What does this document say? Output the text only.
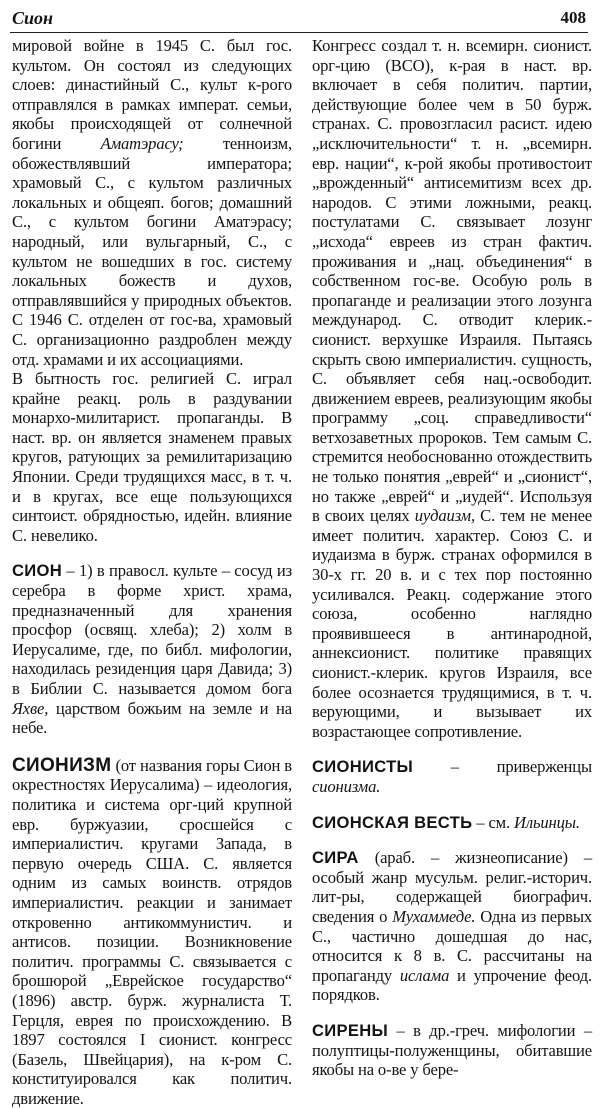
Сион	408

мировой войне в 1945 С. был гос. культом. Он состоял из следующих слоев: династийный С., культ к-рого отправлялся в рамках императ. семьи, якобы происходящей от солнечной богини Аматэрасу; тенноизм, обожествлявший императора; храмовый С., с культом различных локальных и общеяп. богов; домашний С., с культом богини Аматэрасу; народный, или вульгарный, С., с культом не вошедших в гос. систему локальных божеств и духов, отправлявшийся у природных объектов. С 1946 С. отделен от гос-ва, храмовый С. организационно раздроблен между отд. храмами и их ассоциациями.

В бытность гос. религией С. играл крайне реакц. роль в раздувании монархо-милитарист. пропаганды. В наст. вр. он является знаменем правых кругов, ратующих за ремилитаризацию Японии. Среди трудящихся масс, в т. ч. и в кругах, все еще пользующихся синтоист. обрядностью, идейн. влияние С. невелико.

СИОН – 1) в правосл. культе – сосуд из серебра в форме христ. храма, предназначенный для хранения просфор (освящ. хлеба); 2) холм в Иерусалиме, где, по библ. мифологии, находилась резиденция царя Давида; 3) в Библии С. называется домом бога Яхве, царством божьим на земле и на небе.

СИОНИЗМ (от названия горы Сион в окрестностях Иерусалима) – идеология, политика и система орг-ций крупной евр. буржуазии, сросшейся с империалистич. кругами Запада, в первую очередь США. С. является одним из самых воинств. отрядов империалистич. реакции и занимает откровенно антикоммунистич. и антисов. позиции. Возникновение политич. программы С. связывается с брошюрой „Еврейское государство“ (1896) австр. бурж. журналиста Т. Герцля, еврея по происхождению. В 1897 состоялся I сионист. конгресс (Базель, Швейцария), на к-ром С. конституировался как политич. движение.

Конгресс создал т. н. всемирн. сионист. орг-цию (ВСО), к-рая в наст. вр. включает в себя политич. партии, действующие более чем в 50 бурж. странах. С. провозгласил расист. идею „исключительности“ т. н. „всемирн. евр. нации“, к-рой якобы противостоит „врожденный“ антисемитизм всех др. народов. С этими ложными, реакц. постулатами С. связывает лозунг „исхода“ евреев из стран фактич. проживания и „нац. объединения“ в собственном гос-ве. Особую роль в пропаганде и реализации этого лозунга международ. С. отводит клерик.-сионист. верхушке Израиля. Пытаясь скрыть свою империалистич. сущность, С. объявляет себя нац.-освободит. движением евреев, реализующим якобы программу „соц. справедливости“ ветхозаветных пророков. Тем самым С. стремится необоснованно отождествить не только понятия „еврей“ и „сионист“, но также „еврей“ и „иудей“. Используя в своих целях иудаизм, С. тем не менее имеет политич. характер. Союз С. и иудаизма в бурж. странах оформился в 30-х гг. 20 в. и с тех пор постоянно усиливался. Реакц. содержание этого союза, особенно наглядно проявившееся в антинародной, аннексионист. политике правящих сионист.-клерик. кругов Израиля, все более осознается трудящимися, в т. ч. верующими, и вызывает их возрастающее сопротивление.

СИОНИСТЫ – приверженцы сионизма.

СИОНСКАЯ ВЕСТЬ – см. Ильинцы.

СИРА (араб. – жизнеописание) – особый жанр мусульм. религ.-историч. лит-ры, содержащей биографич. сведения о Мухаммеде. Одна из первых С., частично дошедшая до нас, относится к 8 в. С. рассчитаны на пропаганду ислама и упрочение феод. порядков.

СИРЕНЫ – в др.-греч. мифологии – полуптицы-полуженщины, обитавшие якобы на о-ве у бере-
